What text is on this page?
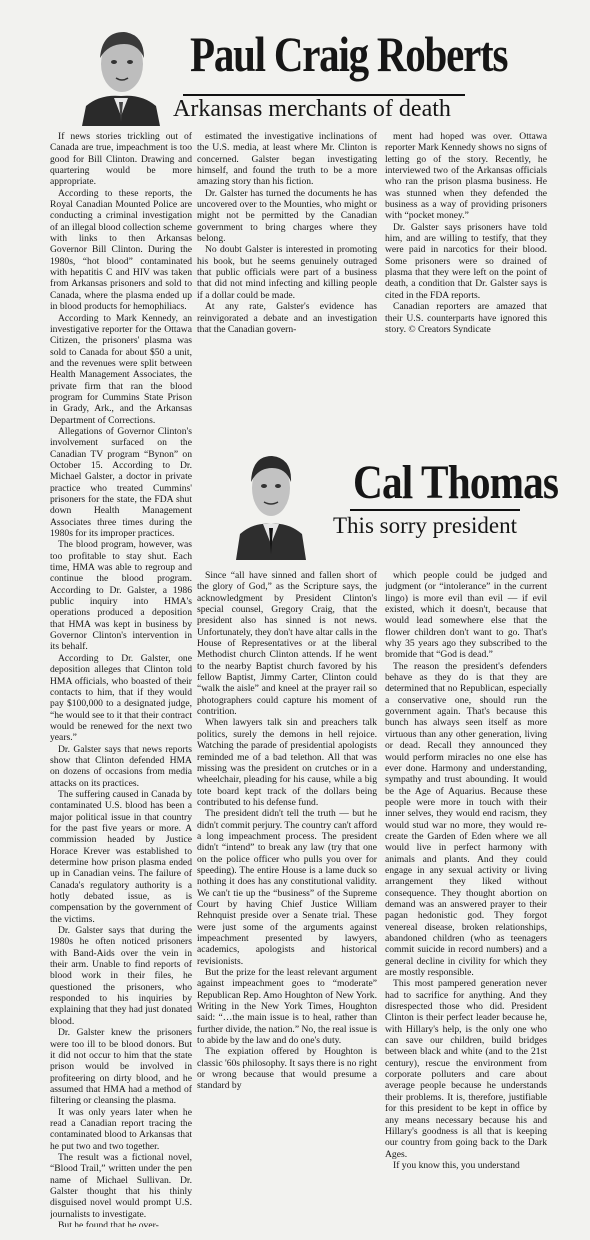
Paul Craig Roberts
Arkansas merchants of death

If news stories trickling out of Canada are true, impeachment is too good for Bill Clinton. Drawing and quartering would be more appropriate.

According to these reports, the Royal Canadian Mounted Police are conducting a criminal investigation of an illegal blood collection scheme with links to then Arkansas Governor Bill Clinton. During the 1980s, “hot blood” contaminated with hepatitis C and HIV was taken from Arkansas prisoners and sold to Canada, where the plasma ended up in blood products for hemophiliacs.

According to Mark Kennedy, an investigative reporter for the Ottawa Citizen, the prisoners' plasma was sold to Canada for about $50 a unit, and the revenues were split between Health Management Associates, the private firm that ran the blood program for Cummins State Prison in Grady, Ark., and the Arkansas Department of Corrections.

Allegations of Governor Clinton's involvement surfaced on the Canadian TV program “Bynon” on October 15. According to Dr. Michael Galster, a doctor in private practice who treated Cummins' prisoners for the state, the FDA shut down Health Management Associates three times during the 1980s for its improper practices.

The blood program, however, was too profitable to stay shut. Each time, HMA was able to regroup and continue the blood program. According to Dr. Galster, a 1986 public inquiry into HMA's operations produced a deposition that HMA was kept in business by Governor Clinton's intervention in its behalf.

According to Dr. Galster, one deposition alleges that Clinton told HMA officials, who boasted of their contacts to him, that if they would pay $100,000 to a designated judge, “he would see to it that their contract would be renewed for the next two years.”

Dr. Galster says that news reports show that Clinton defended HMA on dozens of occasions from media attacks on its practices.

The suffering caused in Canada by contaminated U.S. blood has been a major political issue in that country for the past five years or more. A commission headed by Justice Horace Krever was established to determine how prison plasma ended up in Canadian veins. The failure of Canada's regulatory authority is a hotly debated issue, as is compensation by the government of the victims.

Dr. Galster says that during the 1980s he often noticed prisoners with Band-Aids over the vein in their arm. Unable to find reports of blood work in their files, he questioned the prisoners, who responded to his inquiries by explaining that they had just donated blood.

Dr. Galster knew the prisoners were too ill to be blood donors. But it did not occur to him that the state prison would be involved in profiteering on dirty blood, and he assumed that HMA had a method of filtering or cleansing the plasma.

It was only years later when he read a Canadian report tracing the contaminated blood to Arkansas that he put two and two together.

The result was a fictional novel, “Blood Trail,” written under the pen name of Michael Sullivan. Dr. Galster thought that his thinly disguised novel would prompt U.S. journalists to investigate.

But he found that he over-

estimated the investigative inclinations of the U.S. media, at least where Mr. Clinton is concerned. Galster began investigating himself, and found the truth to be a more amazing story than his fiction.

Dr. Galster has turned the documents he has uncovered over to the Mounties, who might or might not be permitted by the Canadian government to bring charges where they belong.

No doubt Galster is interested in promoting his book, but he seems genuinely outraged that public officials were part of a business that did not mind infecting and killing people if a dollar could be made.

At any rate, Galster's evidence has reinvigorated a debate and an investigation that the Canadian govern-

ment had hoped was over. Ottawa reporter Mark Kennedy shows no signs of letting go of the story. Recently, he interviewed two of the Arkansas officials who ran the prison plasma business. He was stunned when they defended the business as a way of providing prisoners with “pocket money.”

Dr. Galster says prisoners have told him, and are willing to testify, that they were paid in narcotics for their blood. Some prisoners were so drained of plasma that they were left on the point of death, a condition that Dr. Galster says is cited in the FDA reports.

Canadian reporters are amazed that their U.S. counterparts have ignored this story. © Creators Syndicate

Cal Thomas
This sorry president

Since “all have sinned and fallen short of the glory of God,” as the Scripture says, the acknowledgment by President Clinton's special counsel, Gregory Craig, that the president also has sinned is not news. Unfortunately, they don't have altar calls in the House of Representatives or at the liberal Methodist church Clinton attends. If he went to the nearby Baptist church favored by his fellow Baptist, Jimmy Carter, Clinton could “walk the aisle” and kneel at the prayer rail so photographers could capture his moment of contrition.

When lawyers talk sin and preachers talk politics, surely the demons in hell rejoice. Watching the parade of presidential apologists reminded me of a bad telethon. All that was missing was the president on crutches or in a wheelchair, pleading for his cause, while a big tote board kept track of the dollars being contributed to his defense fund.

The president didn't tell the truth — but he didn't commit perjury. The country can't afford a long impeachment process. The president didn't “intend” to break any law (try that one on the police officer who pulls you over for speeding). The entire House is a lame duck so nothing it does has any constitutional validity. We can't tie up the “business” of the Supreme Court by having Chief Justice William Rehnquist preside over a Senate trial. These were just some of the arguments against impeachment presented by lawyers, academics, apologists and historical revisionists.

But the prize for the least relevant argument against impeachment goes to “moderate” Republican Rep. Amo Houghton of New York. Writing in the New York Times, Houghton said: “…the main issue is to heal, rather than further divide, the nation.” No, the real issue is to abide by the law and do one's duty.

The expiation offered by Houghton is classic '60s philosophy. It says there is no right or wrong because that would presume a standard by

which people could be judged and judgment (or “intolerance” in the current lingo) is more evil than evil — if evil existed, which it doesn't, because that would lead somewhere else that the flower children don't want to go. That's why 35 years ago they subscribed to the bromide that “God is dead.”

The reason the president's defenders behave as they do is that they are determined that no Republican, especially a conservative one, should run the government again. That's because this bunch has always seen itself as more virtuous than any other generation, living or dead. Recall they announced they would perform miracles no one else has ever done. Harmony and understanding, sympathy and trust abounding. It would be the Age of Aquarius. Because these people were more in touch with their inner selves, they would end racism, they would stud war no more, they would re-create the Garden of Eden where we all would live in perfect harmony with animals and plants. And they could engage in any sexual activity or living arrangement they liked without consequence. They thought abortion on demand was an answered prayer to their pagan hedonistic god. They forgot venereal disease, broken relationships, abandoned children (who as teenagers commit suicide in record numbers) and a general decline in civility for which they are mostly responsible.

This most pampered generation never had to sacrifice for anything. And they disrespected those who did. President Clinton is their perfect leader because he, with Hillary's help, is the only one who can save our children, build bridges between black and white (and to the 21st century), rescue the environment from corporate polluters and care about average people because he understands their problems. It is, therefore, justifiable for this president to be kept in office by any means necessary because his and Hillary's goodness is all that is keeping our country from going back to the Dark Ages.

If you know this, you understand
